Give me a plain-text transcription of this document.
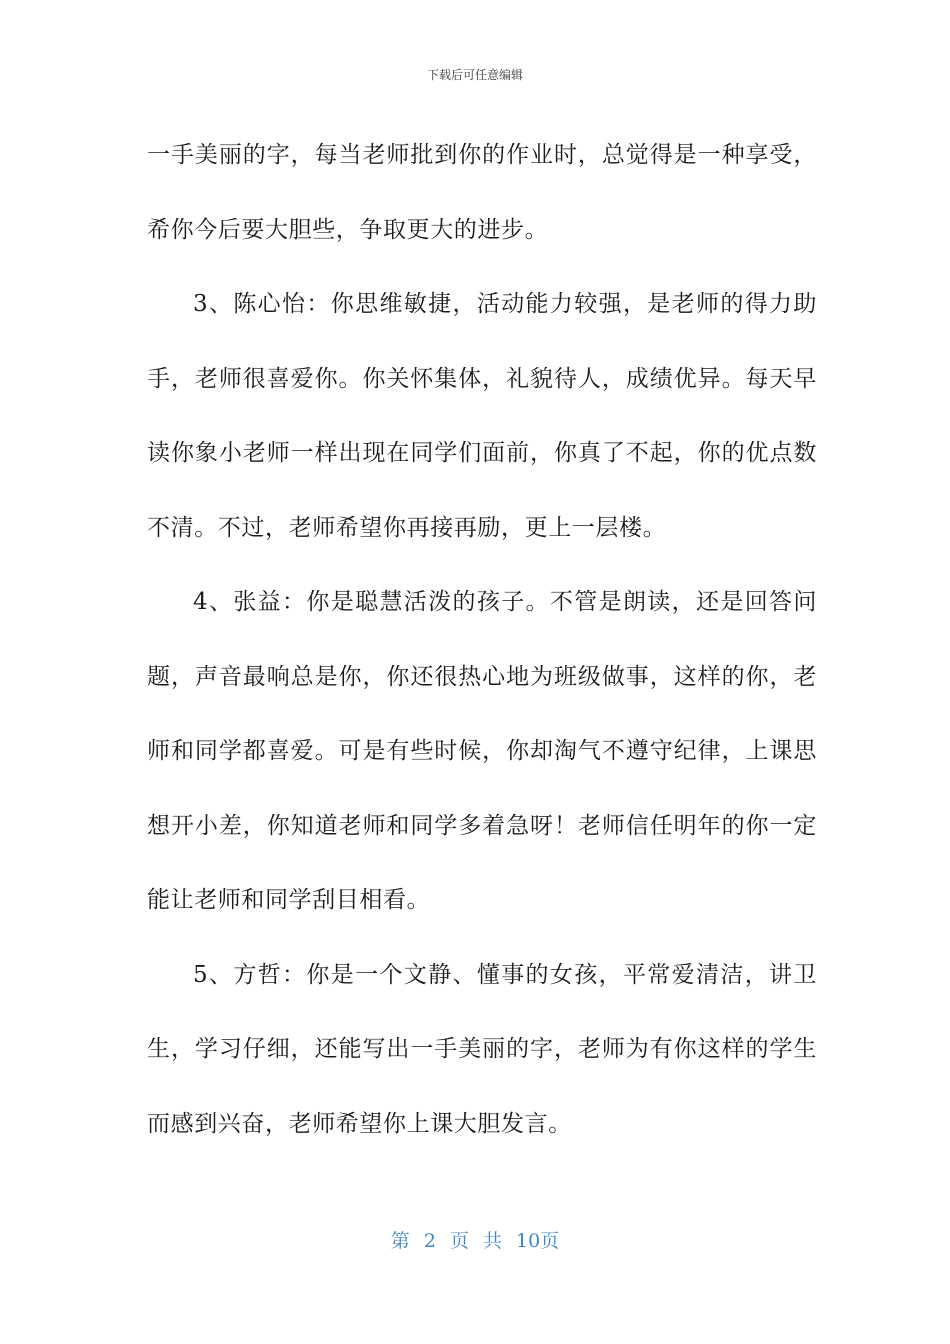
下载后可任意编辑

一手美丽的字，每当老师批到你的作业时，总觉得是一种享受，希你今后要大胆些，争取更大的进步。

3、陈心怡：你思维敏捷，活动能力较强，是老师的得力助手，老师很喜爱你。你关怀集体，礼貌待人，成绩优异。每天早读你象小老师一样出现在同学们面前，你真了不起，你的优点数不清。不过，老师希望你再接再励，更上一层楼。

4、张益：你是聪慧活泼的孩子。不管是朗读，还是回答问题，声音最响总是你，你还很热心地为班级做事，这样的你，老师和同学都喜爱。可是有些时候，你却淘气不遵守纪律，上课思想开小差，你知道老师和同学多着急呀！老师信任明年的你一定能让老师和同学刮目相看。

5、方哲：你是一个文静、懂事的女孩，平常爱清洁，讲卫生，学习仔细，还能写出一手美丽的字，老师为有你这样的学生而感到兴奋，老师希望你上课大胆发言。

第 2 页 共 10页
